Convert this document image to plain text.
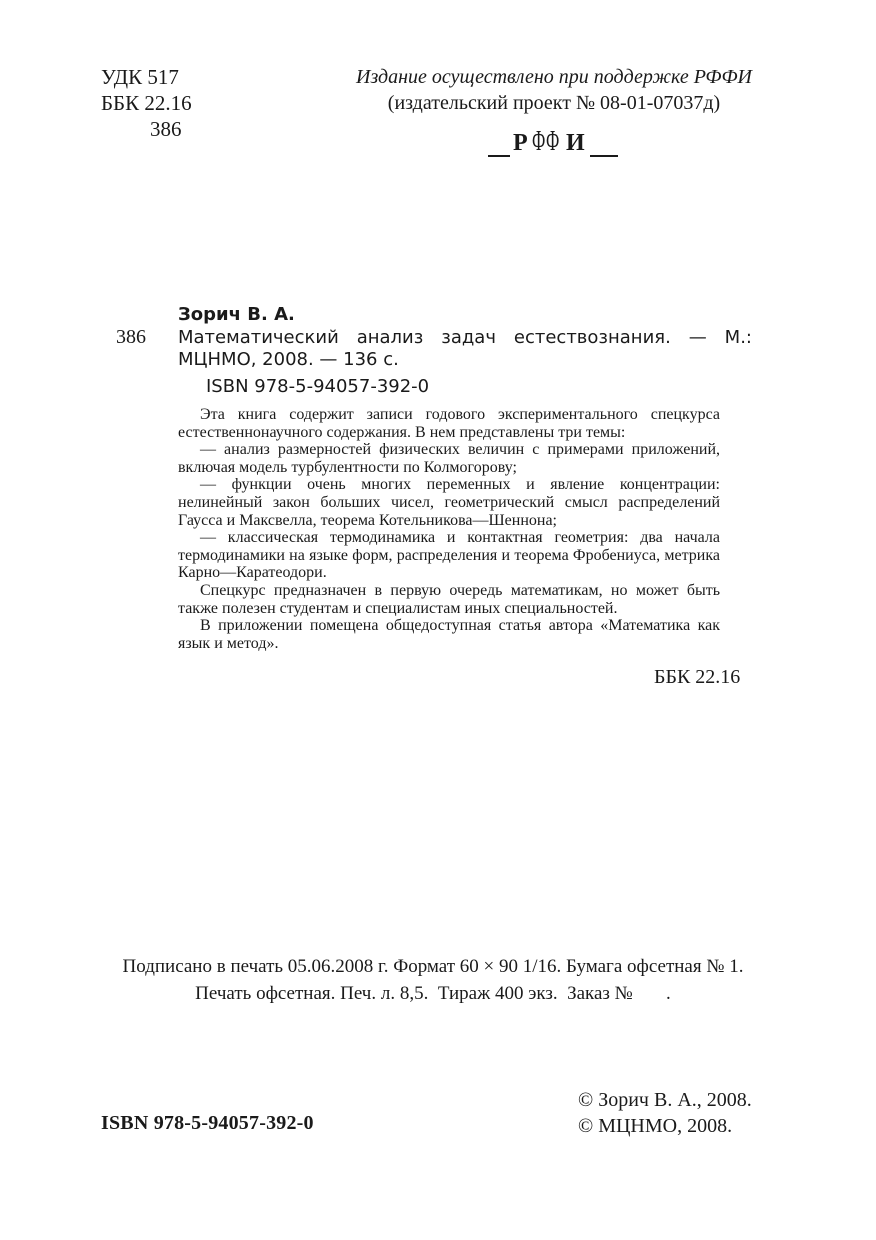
УДК 517
ББК 22.16
386
Издание осуществлено при поддержке РФФИ
(издательский проект № 08-01-07037д)
Р Ф Ф И
Зорич В. А.
386 Математический анализ задач естествознания. — М.:
МЦНМО, 2008. — 136 с.
ISBN 978-5-94057-392-0

Эта книга содержит записи годового экспериментального спецкурса естественнонаучного содержания. В нем представлены три темы:

— анализ размерностей физических величин с примерами приложений, включая модель турбулентности по Колмогорову;

— функции очень многих переменных и явление концентрации: нелинейный закон больших чисел, геометрический смысл распределений Гаусса и Максвелла, теорема Котельникова—Шеннона;

— классическая термодинамика и контактная геометрия: два начала термодинамики на языке форм, распределения и теорема Фробениуса, метрика Карно—Каратеодори.

Спецкурс предназначен в первую очередь математикам, но может быть также полезен студентам и специалистам иных специальностей.

В приложении помещена общедоступная статья автора «Математика как язык и метод».

ББК 22.16
Подписано в печать 05.06.2008 г. Формат 60 × 90 1/16. Бумага офсетная № 1.
Печать офсетная. Печ. л. 8,5.  Тираж 400 экз.  Заказ №       .
ISBN 978-5-94057-392-0
© Зорич В. А., 2008.
© МЦНМО, 2008.
